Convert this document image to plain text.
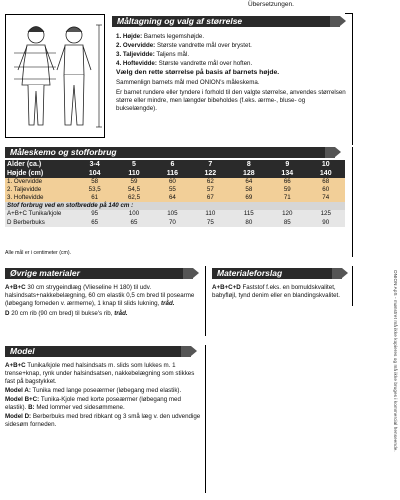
Übersetzungen.
Måltagning og valg af størrelse

1. Højde: Barnets legemshøjde.

2. Overvidde: Største vandrette mål over brystet.

3. Taljevidde: Taljens mål.

4. Hoftevidde: Største vandrette mål over hoften.

Vælg den rette størrelse på basis af barnets højde.

Sammenlign barnets mål med ONION's måleskema.

Er barnet rundere eller tyndere i forhold til den valgte størrelse, anvendes størrelsen større eller mindre, men længder bibeholdes (f.eks. ærme-, bluse- og bukselængde).

Måleskemo og stofforbrug
Alder (ca.)	3-4	5	6	7	8	9	10
Højde (cm)	104	110	116	122	128	134	140
1. Overvidde	58	59	60	62	64	66	68
2. Taljevidde	53,5	54,5	55	57	58	59	60
3. Hoftevidde	61	62,5	64	67	69	71	74
Stof forbrug ved en stofbredde på 140 cm :							
A+B+C Tunika/kjole	95	100	105	110	115	120	125
D Berberbuks	65	65	70	75	80	85	90
Alle mål er i centimeter (cm).
Øvrige materialer

A+B+C 30 cm strygeindlæg (Vlieseline H 180) til udv. halsindsats+nakkebelægning, 60 cm elastik 0,5 cm bred til posearme (løbegang forneden v. ærmerne), 1 knap til slids lukning, tråd.

D 20 cm rib (90 cm bred) til bukse's rib, tråd.

Materialeforslag

A+B+C+D Faststof f.eks. en bomuldskvalitet, babyfløjl, tynd denim eller en blandingskvalitet.

Model

A+B+C Tunika/kjole med halsindsats m. slids som lukkes m. 1 trense+knap, rynk under halsindsatsen, nakkebelægning som stikkes fast på bagstykket.

Model A: Tunika med lange poseærmer (løbegang med elastik).

Model B+C: Tunika-Kjole med korte poseærmer (løbegang med elastik). B: Med lommer ved sidesømmene.

Model D: Berberbuks med bred ribkant og 3 små læg v. den udvendige sidesøm forneden.	ONION ApS - mønstret må ikke kopieres og må ikke bruges i kommercial henseende.
